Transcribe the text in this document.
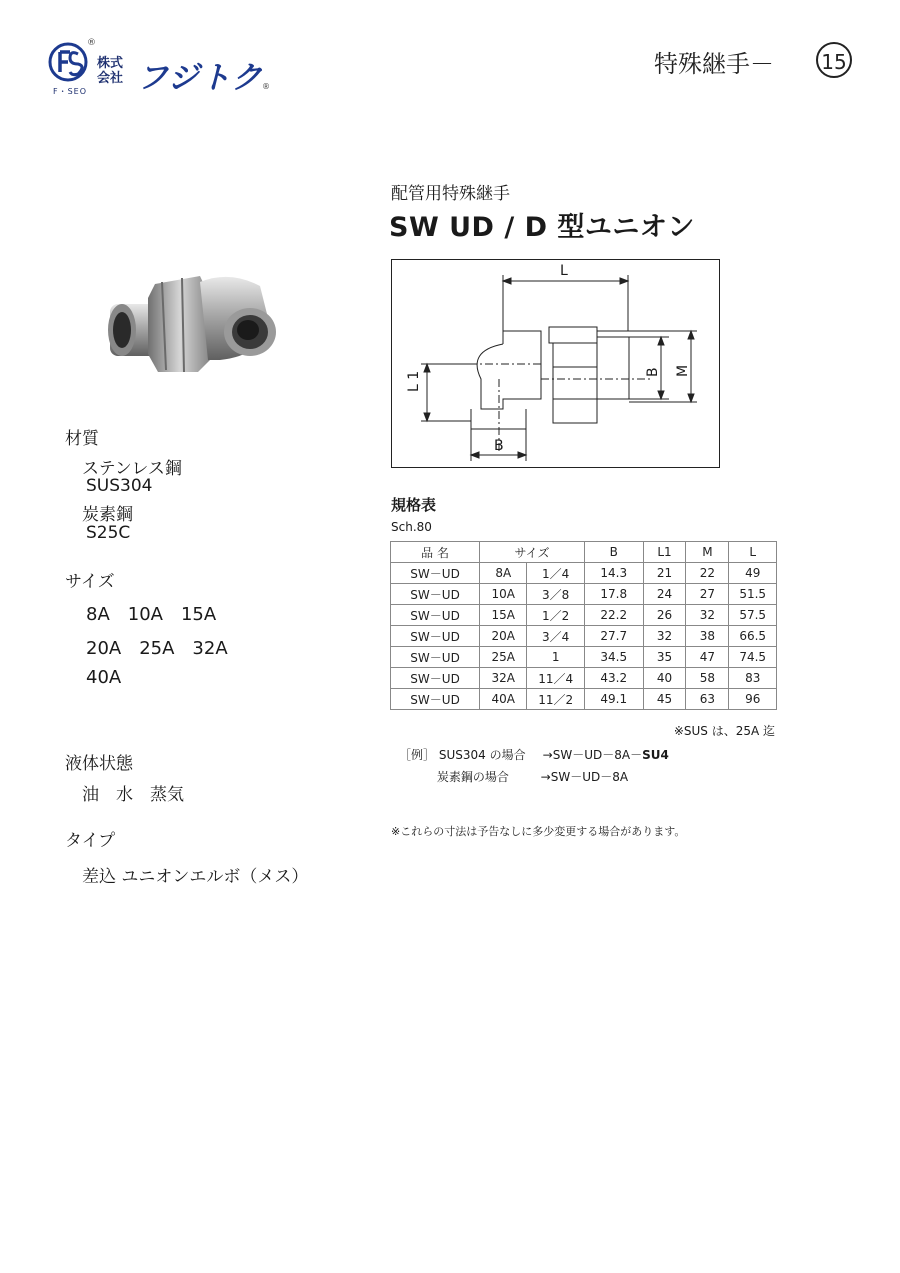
®
F・SEO
株式
会社 フジトク
®
特殊継手－ 15
配管用特殊継手
SW UD / D 型ユニオン
L
L 1
B
B M
材質
ステンレス鋼
SUS304
炭素鋼
S25C
サイズ
8A　10A　15A
20A　25A　32A
40A
液体状態
油　水　蒸気
タイプ
差込 ユニオンエルボ（メス）
規格表
Sch.80
品 名	サイズ		B	L1	M	L
SW－UD	8A	1／4	14.3	21	22	49
SW－UD	10A	3／8	17.8	24	27	51.5
SW－UD	15A	1／2	22.2	26	32	57.5
SW－UD	20A	3／4	27.7	32	38	66.5
SW－UD	25A	1	34.5	35	47	74.5
SW－UD	32A	11／4	43.2	40	58	83
SW－UD	40A	11／2	49.1	45	63	96
※SUS は、25A 迄
［例］ SUS304 の場合 →SW－UD－8A－SU4
炭素鋼の場合	→SW－UD－8A
※これらの寸法は予告なしに多少変更する場合があります。
